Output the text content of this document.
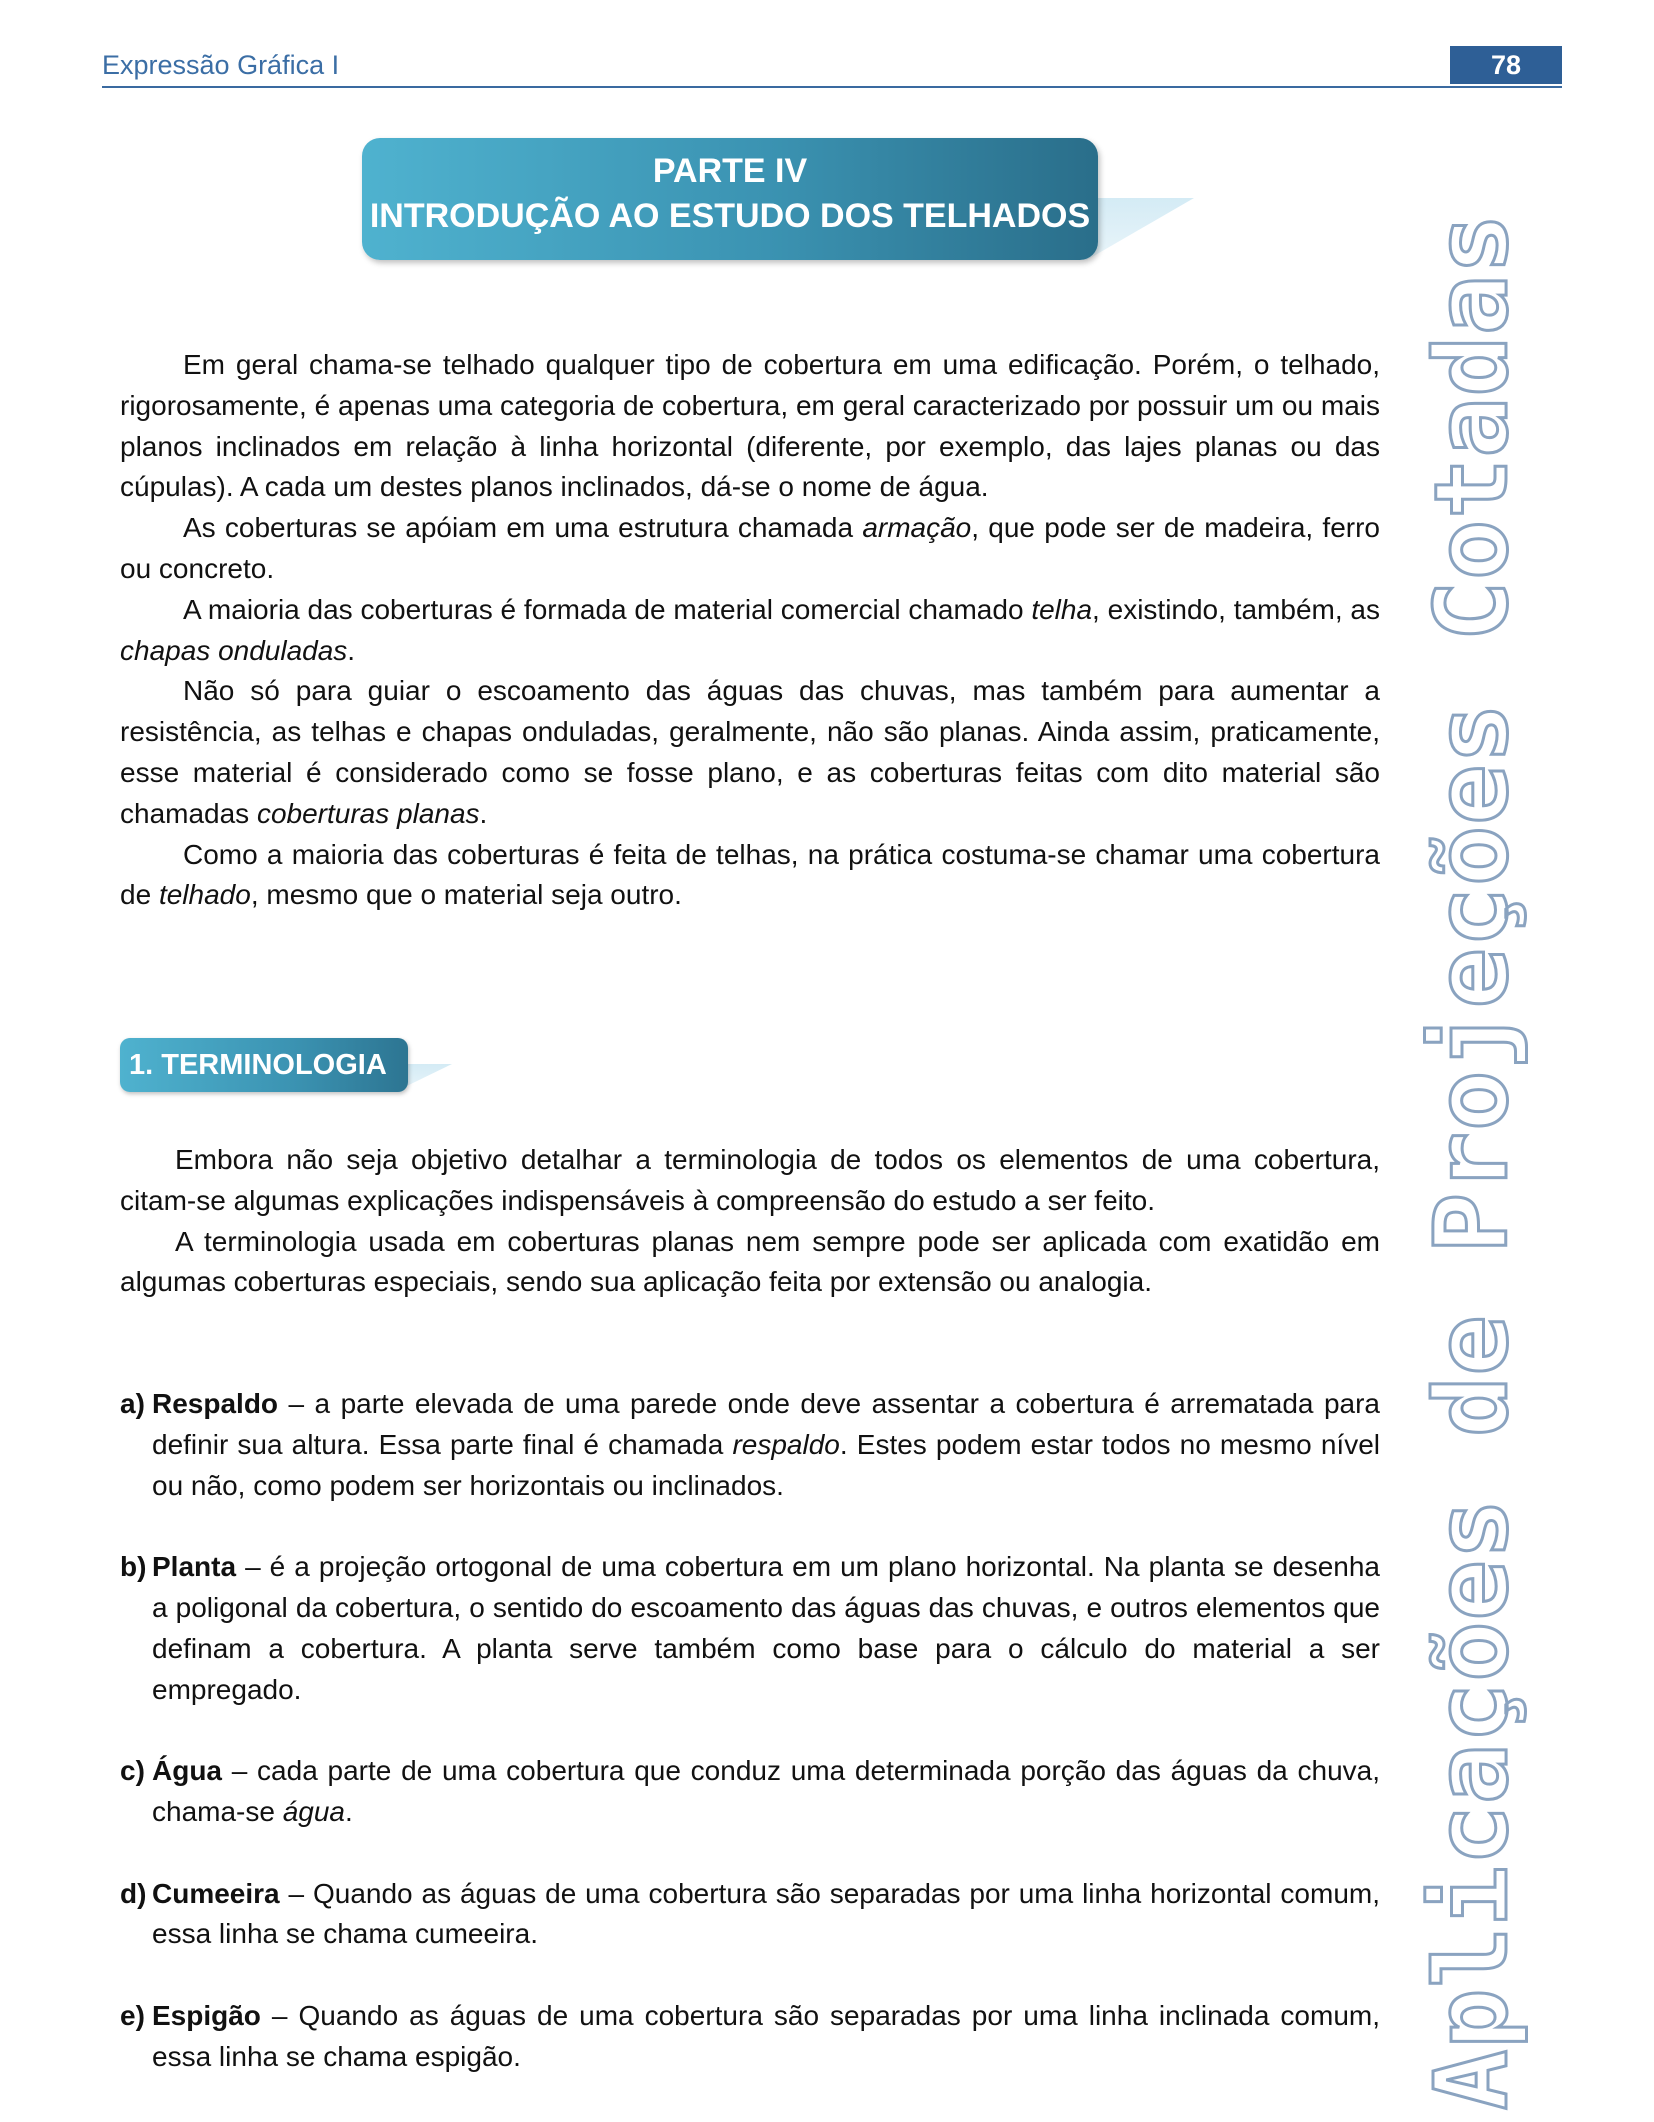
Expressão Gráfica I	78
PARTE IV
INTRODUÇÃO AO ESTUDO DOS TELHADOS

Em geral chama-se telhado qualquer tipo de cobertura em uma edificação. Porém, o telhado, rigorosamente, é apenas uma categoria de cobertura, em geral caracterizado por possuir um ou mais planos inclinados em relação à linha horizontal (diferente, por exemplo, das lajes planas ou das cúpulas). A cada um destes planos inclinados, dá-se o nome de água.

As coberturas se apóiam em uma estrutura chamada armação, que pode ser de madeira, ferro ou concreto.

A maioria das coberturas é formada de material comercial chamado telha, existindo, também, as chapas onduladas.

Não só para guiar o escoamento das águas das chuvas, mas também para aumentar a resistência, as telhas e chapas onduladas, geralmente, não são planas. Ainda assim, praticamente, esse material é considerado como se fosse plano, e as coberturas feitas com dito material são chamadas coberturas planas.

Como a maioria das coberturas é feita de telhas, na prática costuma-se chamar uma cobertura de telhado, mesmo que o material seja outro.

1. TERMINOLOGIA

Embora não seja objetivo detalhar a terminologia de todos os elementos de uma cobertura, citam-se algumas explicações indispensáveis à compreensão do estudo a ser feito.

A terminologia usada em coberturas planas nem sempre pode ser aplicada com exatidão em algumas coberturas especiais, sendo sua aplicação feita por extensão ou analogia.

a) Respaldo – a parte elevada de uma parede onde deve assentar a cobertura é arrematada para definir sua altura. Essa parte final é chamada respaldo. Estes podem estar todos no mesmo nível ou não, como podem ser horizontais ou inclinados.

b) Planta – é a projeção ortogonal de uma cobertura em um plano horizontal. Na planta se desenha a poligonal da cobertura, o sentido do escoamento das águas das chuvas, e outros elementos que definam a cobertura. A planta serve também como base para o cálculo do material a ser empregado.

c) Água – cada parte de uma cobertura que conduz uma determinada porção das águas da chuva, chama-se água.

d) Cumeeira – Quando as águas de uma cobertura são separadas por uma linha horizontal comum, essa linha se chama cumeeira.

e) Espigão – Quando as águas de uma cobertura são separadas por uma linha inclinada comum, essa linha se chama espigão.	Aplicações de Projeções Cotadas
